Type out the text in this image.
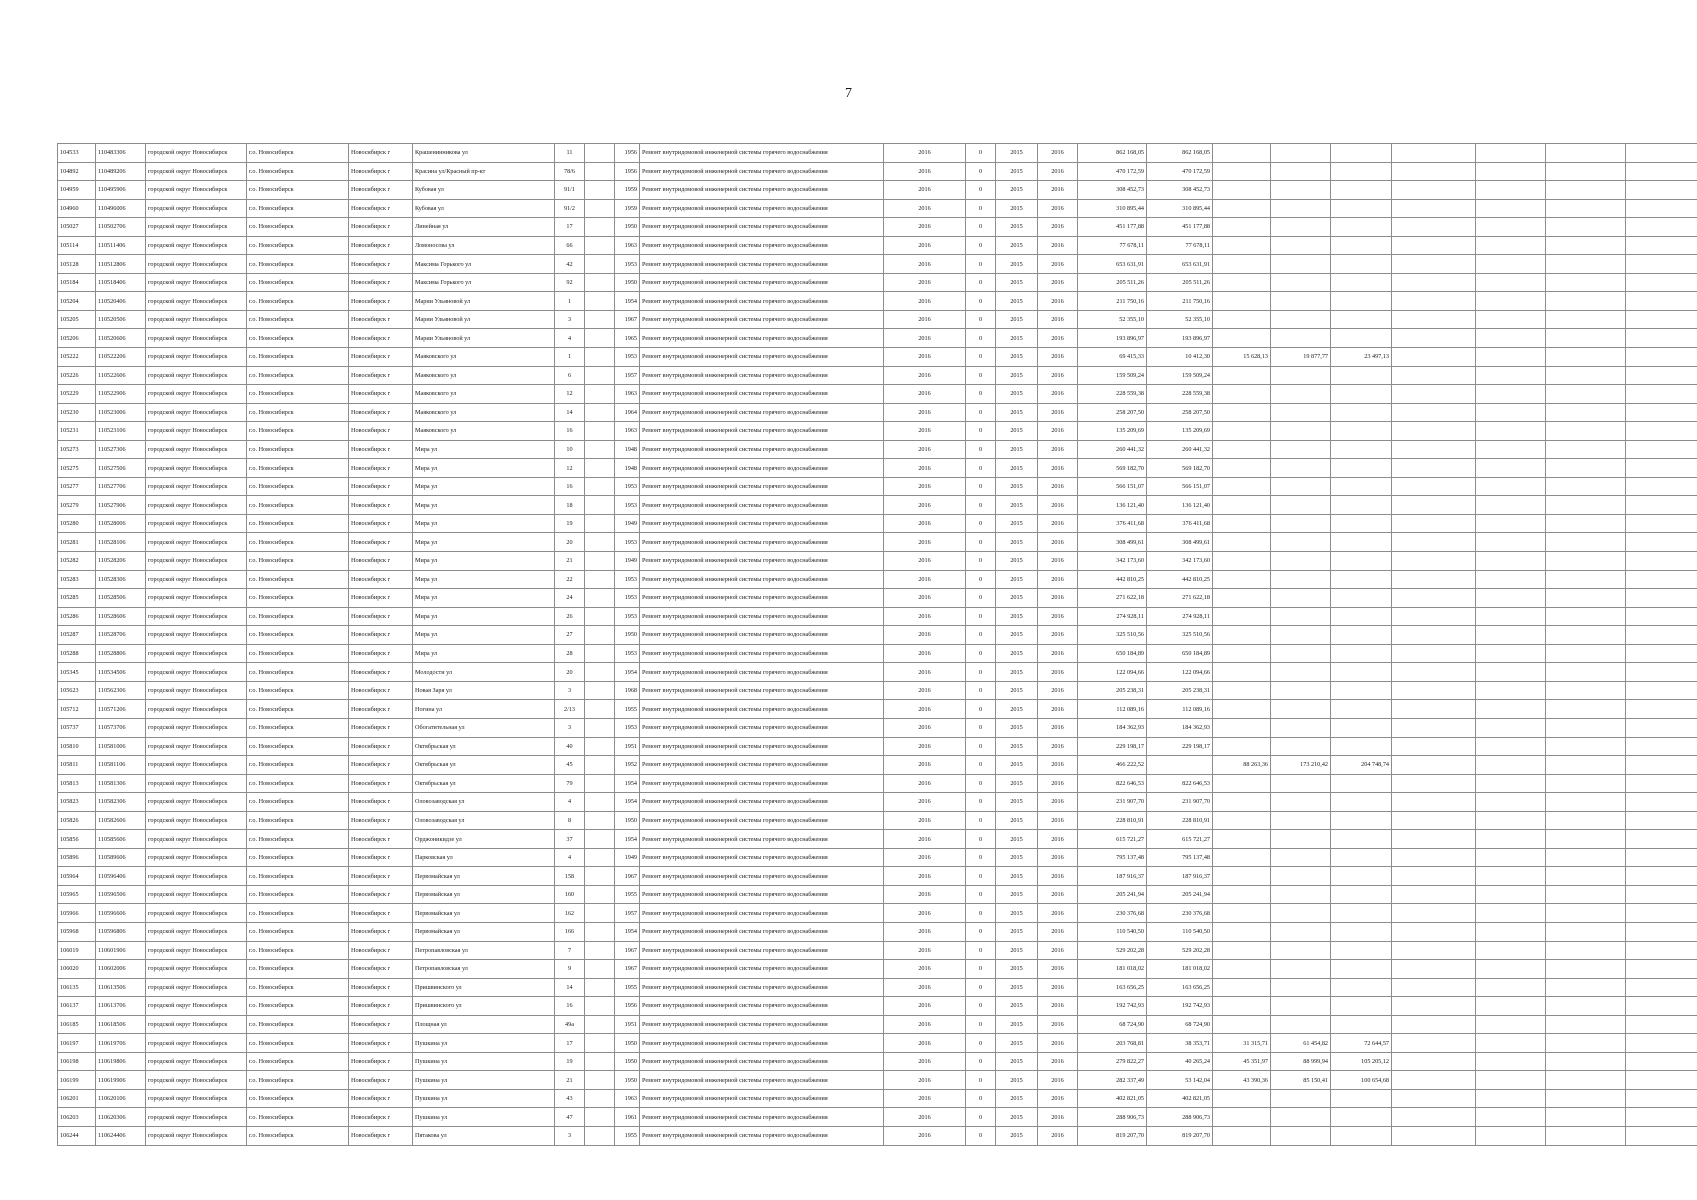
7
104533	110483306	городской округ Новосибирск	г.о. Новосибирск	Новосибирск г	Крашенинникова ул	11		1956	Ремонт внутридомовой инженерной системы горячего водоснабжения	2016	0	2015	2016	862 168,05	862 168,05							
104892	110489206	городской округ Новосибирск	г.о. Новосибирск	Новосибирск г	Красина ул/Красный пр-кт	78/6		1956	Ремонт внутридомовой инженерной системы горячего водоснабжения	2016	0	2015	2016	470 172,59	470 172,59							
104959	110495906	городской округ Новосибирск	г.о. Новосибирск	Новосибирск г	Кубовая ул	91/1		1959	Ремонт внутридомовой инженерной системы горячего водоснабжения	2016	0	2015	2016	308 452,73	308 452,73							
104960	110496006	городской округ Новосибирск	г.о. Новосибирск	Новосибирск г	Кубовая ул	91/2		1959	Ремонт внутридомовой инженерной системы горячего водоснабжения	2016	0	2015	2016	310 895,44	310 895,44							
105027	110502706	городской округ Новосибирск	г.о. Новосибирск	Новосибирск г	Линейная ул	17		1950	Ремонт внутридомовой инженерной системы горячего водоснабжения	2016	0	2015	2016	451 177,88	451 177,88							
105114	110511406	городской округ Новосибирск	г.о. Новосибирск	Новосибирск г	Ломоносова ул	66		1963	Ремонт внутридомовой инженерной системы горячего водоснабжения	2016	0	2015	2016	77 678,11	77 678,11							
105128	110512806	городской округ Новосибирск	г.о. Новосибирск	Новосибирск г	Максима Горького ул	42		1953	Ремонт внутридомовой инженерной системы горячего водоснабжения	2016	0	2015	2016	653 631,91	653 631,91							
105184	110518406	городской округ Новосибирск	г.о. Новосибирск	Новосибирск г	Максима Горького ул	92		1950	Ремонт внутридомовой инженерной системы горячего водоснабжения	2016	0	2015	2016	205 511,26	205 511,26							
105204	110520406	городской округ Новосибирск	г.о. Новосибирск	Новосибирск г	Марии Ульяновой ул	1		1954	Ремонт внутридомовой инженерной системы горячего водоснабжения	2016	0	2015	2016	211 750,16	211 750,16							
105205	110520506	городской округ Новосибирск	г.о. Новосибирск	Новосибирск г	Марии Ульяновой ул	3		1967	Ремонт внутридомовой инженерной системы горячего водоснабжения	2016	0	2015	2016	52 355,10	52 355,10							
105206	110520606	городской округ Новосибирск	г.о. Новосибирск	Новосибирск г	Марии Ульяновой ул	4		1965	Ремонт внутридомовой инженерной системы горячего водоснабжения	2016	0	2015	2016	193 896,97	193 896,97							
105222	110522206	городской округ Новосибирск	г.о. Новосибирск	Новосибирск г	Маяковского ул	1		1953	Ремонт внутридомовой инженерной системы горячего водоснабжения	2016	0	2015	2016	69 415,33	10 412,30	15 628,13	19 877,77	23 497,13				
105226	110522606	городской округ Новосибирск	г.о. Новосибирск	Новосибирск г	Маяковского ул	6		1957	Ремонт внутридомовой инженерной системы горячего водоснабжения	2016	0	2015	2016	159 509,24	159 509,24							
105229	110522906	городской округ Новосибирск	г.о. Новосибирск	Новосибирск г	Маяковского ул	12		1963	Ремонт внутридомовой инженерной системы горячего водоснабжения	2016	0	2015	2016	228 559,38	228 559,38							
105230	110523006	городской округ Новосибирск	г.о. Новосибирск	Новосибирск г	Маяковского ул	14		1964	Ремонт внутридомовой инженерной системы горячего водоснабжения	2016	0	2015	2016	258 207,50	258 207,50							
105231	110523106	городской округ Новосибирск	г.о. Новосибирск	Новосибирск г	Маяковского ул	16		1963	Ремонт внутридомовой инженерной системы горячего водоснабжения	2016	0	2015	2016	135 209,69	135 209,69							
105273	110527306	городской округ Новосибирск	г.о. Новосибирск	Новосибирск г	Мира ул	10		1948	Ремонт внутридомовой инженерной системы горячего водоснабжения	2016	0	2015	2016	260 441,32	260 441,32							
105275	110527506	городской округ Новосибирск	г.о. Новосибирск	Новосибирск г	Мира ул	12		1948	Ремонт внутридомовой инженерной системы горячего водоснабжения	2016	0	2015	2016	569 182,70	569 182,70							
105277	110527706	городской округ Новосибирск	г.о. Новосибирск	Новосибирск г	Мира ул	16		1953	Ремонт внутридомовой инженерной системы горячего водоснабжения	2016	0	2015	2016	566 151,07	566 151,07							
105279	110527906	городской округ Новосибирск	г.о. Новосибирск	Новосибирск г	Мира ул	18		1953	Ремонт внутридомовой инженерной системы горячего водоснабжения	2016	0	2015	2016	136 121,40	136 121,40							
105280	110528006	городской округ Новосибирск	г.о. Новосибирск	Новосибирск г	Мира ул	19		1949	Ремонт внутридомовой инженерной системы горячего водоснабжения	2016	0	2015	2016	376 411,68	376 411,68							
105281	110528106	городской округ Новосибирск	г.о. Новосибирск	Новосибирск г	Мира ул	20		1953	Ремонт внутридомовой инженерной системы горячего водоснабжения	2016	0	2015	2016	308 499,61	308 499,61							
105282	110528206	городской округ Новосибирск	г.о. Новосибирск	Новосибирск г	Мира ул	21		1949	Ремонт внутридомовой инженерной системы горячего водоснабжения	2016	0	2015	2016	342 173,60	342 173,60							
105283	110528306	городской округ Новосибирск	г.о. Новосибирск	Новосибирск г	Мира ул	22		1953	Ремонт внутридомовой инженерной системы горячего водоснабжения	2016	0	2015	2016	442 810,25	442 810,25							
105285	110528506	городской округ Новосибирск	г.о. Новосибирск	Новосибирск г	Мира ул	24		1953	Ремонт внутридомовой инженерной системы горячего водоснабжения	2016	0	2015	2016	271 622,18	271 622,18							
105286	110528606	городской округ Новосибирск	г.о. Новосибирск	Новосибирск г	Мира ул	26		1953	Ремонт внутридомовой инженерной системы горячего водоснабжения	2016	0	2015	2016	274 928,11	274 928,11							
105287	110528706	городской округ Новосибирск	г.о. Новосибирск	Новосибирск г	Мира ул	27		1950	Ремонт внутридомовой инженерной системы горячего водоснабжения	2016	0	2015	2016	325 510,56	325 510,56							
105288	110528806	городской округ Новосибирск	г.о. Новосибирск	Новосибирск г	Мира ул	28		1953	Ремонт внутридомовой инженерной системы горячего водоснабжения	2016	0	2015	2016	650 184,89	650 184,89							
105345	110534506	городской округ Новосибирск	г.о. Новосибирск	Новосибирск г	Молодости ул	20		1954	Ремонт внутридомовой инженерной системы горячего водоснабжения	2016	0	2015	2016	122 094,66	122 094,66							
105623	110562306	городской округ Новосибирск	г.о. Новосибирск	Новосибирск г	Новая Заря ул	3		1968	Ремонт внутридомовой инженерной системы горячего водоснабжения	2016	0	2015	2016	205 238,31	205 238,31							
105712	110571206	городской округ Новосибирск	г.о. Новосибирск	Новосибирск г	Ногина ул	2/13		1955	Ремонт внутридомовой инженерной системы горячего водоснабжения	2016	0	2015	2016	112 089,16	112 089,16							
105737	110573706	городской округ Новосибирск	г.о. Новосибирск	Новосибирск г	Обогатительная ул	3		1953	Ремонт внутридомовой инженерной системы горячего водоснабжения	2016	0	2015	2016	184 362,93	184 362,93							
105810	110581006	городской округ Новосибирск	г.о. Новосибирск	Новосибирск г	Октябрьская ул	40		1951	Ремонт внутридомовой инженерной системы горячего водоснабжения	2016	0	2015	2016	229 198,17	229 198,17							
105811	110581106	городской округ Новосибирск	г.о. Новосибирск	Новосибирск г	Октябрьская ул	45		1952	Ремонт внутридомовой инженерной системы горячего водоснабжения	2016	0	2015	2016	466 222,52		88 263,36	173 210,42	204 748,74				
105813	110581306	городской округ Новосибирск	г.о. Новосибирск	Новосибирск г	Октябрьская ул	79		1954	Ремонт внутридомовой инженерной системы горячего водоснабжения	2016	0	2015	2016	822 646,53	822 646,53							
105823	110582306	городской округ Новосибирск	г.о. Новосибирск	Новосибирск г	Оловозаводская ул	4		1954	Ремонт внутридомовой инженерной системы горячего водоснабжения	2016	0	2015	2016	231 907,70	231 907,70							
105826	110582606	городской округ Новосибирск	г.о. Новосибирск	Новосибирск г	Оловозаводская ул	8		1950	Ремонт внутридомовой инженерной системы горячего водоснабжения	2016	0	2015	2016	228 810,91	228 810,91							
105856	110585606	городской округ Новосибирск	г.о. Новосибирск	Новосибирск г	Орджоникидзе ул	37		1954	Ремонт внутридомовой инженерной системы горячего водоснабжения	2016	0	2015	2016	615 721,27	615 721,27							
105896	110589606	городской округ Новосибирск	г.о. Новосибирск	Новосибирск г	Парковская ул	4		1949	Ремонт внутридомовой инженерной системы горячего водоснабжения	2016	0	2015	2016	795 137,48	795 137,48							
105964	110596406	городской округ Новосибирск	г.о. Новосибирск	Новосибирск г	Первомайская ул	158		1967	Ремонт внутридомовой инженерной системы горячего водоснабжения	2016	0	2015	2016	187 916,37	187 916,37							
105965	110596506	городской округ Новосибирск	г.о. Новосибирск	Новосибирск г	Первомайская ул	160		1955	Ремонт внутридомовой инженерной системы горячего водоснабжения	2016	0	2015	2016	205 241,94	205 241,94							
105966	110596606	городской округ Новосибирск	г.о. Новосибирск	Новосибирск г	Первомайская ул	162		1957	Ремонт внутридомовой инженерной системы горячего водоснабжения	2016	0	2015	2016	230 376,68	230 376,68							
105968	110596806	городской округ Новосибирск	г.о. Новосибирск	Новосибирск г	Первомайская ул	166		1954	Ремонт внутридомовой инженерной системы горячего водоснабжения	2016	0	2015	2016	110 540,50	110 540,50							
106019	110601906	городской округ Новосибирск	г.о. Новосибирск	Новосибирск г	Петропавловская ул	7		1967	Ремонт внутридомовой инженерной системы горячего водоснабжения	2016	0	2015	2016	529 202,28	529 202,28							
106020	110602006	городской округ Новосибирск	г.о. Новосибирск	Новосибирск г	Петропавловская ул	9		1967	Ремонт внутридомовой инженерной системы горячего водоснабжения	2016	0	2015	2016	181 018,02	181 018,02							
106135	110613506	городской округ Новосибирск	г.о. Новосибирск	Новосибирск г	Пришвинского ул	14		1955	Ремонт внутридомовой инженерной системы горячего водоснабжения	2016	0	2015	2016	163 656,25	163 656,25							
106137	110613706	городской округ Новосибирск	г.о. Новосибирск	Новосибирск г	Пришвинского ул	16		1956	Ремонт внутридомовой инженерной системы горячего водоснабжения	2016	0	2015	2016	192 742,93	192 742,93							
106185	110618506	городской округ Новосибирск	г.о. Новосибирск	Новосибирск г	Площная ул	49а		1951	Ремонт внутридомовой инженерной системы горячего водоснабжения	2016	0	2015	2016	68 724,90	68 724,90							
106197	110619706	городской округ Новосибирск	г.о. Новосибирск	Новосибирск г	Пушкина ул	17		1950	Ремонт внутридомовой инженерной системы горячего водоснабжения	2016	0	2015	2016	203 768,81	38 353,71	31 315,71	61 454,82	72 644,57				
106198	110619806	городской округ Новосибирск	г.о. Новосибирск	Новосибирск г	Пушкина ул	19		1950	Ремонт внутридомовой инженерной системы горячего водоснабжения	2016	0	2015	2016	279 822,27	40 265,24	45 351,97	88 999,94	105 205,12				
106199	110619906	городской округ Новосибирск	г.о. Новосибирск	Новосибирск г	Пушкина ул	21		1950	Ремонт внутридомовой инженерной системы горячего водоснабжения	2016	0	2015	2016	282 337,49	53 142,04	43 390,36	85 150,41	100 654,68				
106201	110620106	городской округ Новосибирск	г.о. Новосибирск	Новосибирск г	Пушкина ул	43		1963	Ремонт внутридомовой инженерной системы горячего водоснабжения	2016	0	2015	2016	402 821,05	402 821,05							
106203	110620306	городской округ Новосибирск	г.о. Новосибирск	Новосибирск г	Пушкина ул	47		1961	Ремонт внутридомовой инженерной системы горячего водоснабжения	2016	0	2015	2016	288 906,73	288 906,73							
106244	110624406	городской округ Новосибирск	г.о. Новосибирск	Новосибирск г	Пятакова ул	3		1955	Ремонт внутридомовой инженерной системы горячего водоснабжения	2016	0	2015	2016	819 207,70	819 207,70							
